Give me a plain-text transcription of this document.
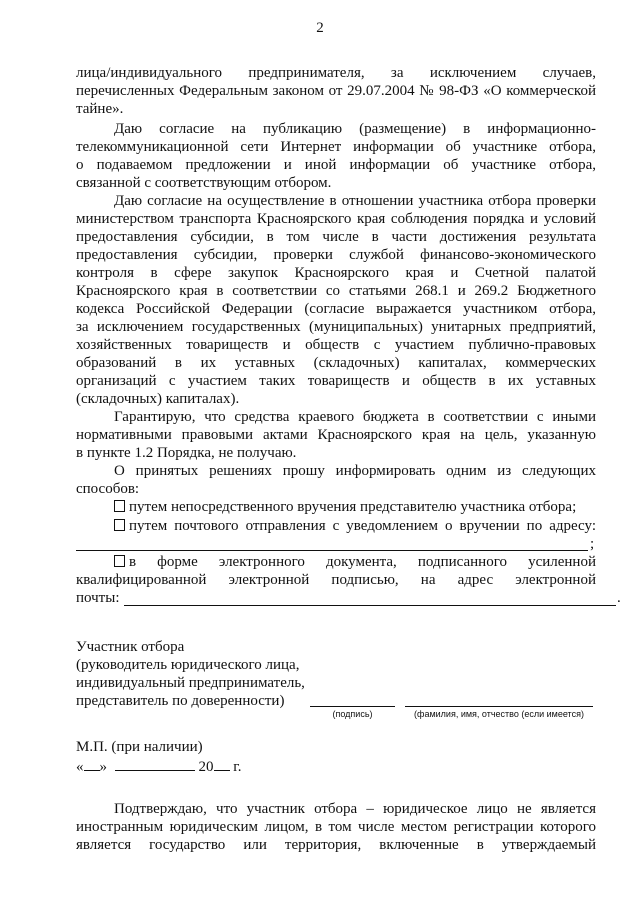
2
лица/индивидуального предпринимателя, за исключением случаев,
перечисленных Федеральным законом от 29.07.2004 № 98-ФЗ «О коммерческой
тайне».
Даю согласие на публикацию (размещение) в информационно-
телекоммуникационной сети Интернет информации об участнике отбора,
о подаваемом предложении и иной информации об участнике отбора,
связанной с соответствующим отбором.
Даю согласие на осуществление в отношении участника отбора проверки
министерством транспорта Красноярского края соблюдения порядка и условий
предоставления субсидии, в том числе в части достижения результата
предоставления субсидии, проверки службой финансово-экономического
контроля в сфере закупок Красноярского края и Счетной палатой
Красноярского края в соответствии со статьями 268.1 и 269.2 Бюджетного
кодекса Российской Федерации (согласие выражается участником отбора,
за исключением государственных (муниципальных) унитарных предприятий,
хозяйственных товариществ и обществ с участием публично-правовых
образований в их уставных (складочных) капиталах, коммерческих
организаций с участием таких товариществ и обществ в их уставных
(складочных) капиталах).
Гарантирую, что средства краевого бюджета в соответствии с иными
нормативными правовыми актами Красноярского края на цель, указанную
в пункте 1.2 Порядка, не получаю.
О принятых решениях прошу информировать одним из следующих
способов:
путем непосредственного вручения представителю участника отбора;
путем почтового отправления с уведомлением о вручении по адресу:
;
в форме электронного документа, подписанного усиленной
квалифицированной электронной подписью, на адрес электронной
почты:	.
Участник отбора
(руководитель юридического лица,
индивидуальный предприниматель,
представитель по доверенности)
(подпись)	(фамилия, имя, отчество (если имеется)
М.П. (при наличии)
« »	20 г.
Подтверждаю, что участник отбора – юридическое лицо не является
иностранным юридическим лицом, в том числе местом регистрации которого
является государство или территория, включенные в утверждаемый
